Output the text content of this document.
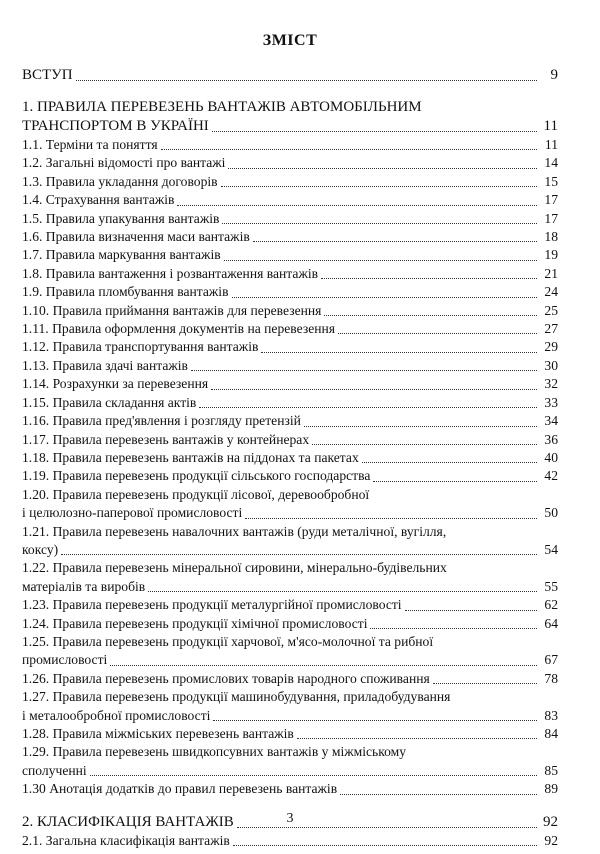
ЗМІСТ
ВСТУП	9
1. ПРАВИЛА ПЕРЕВЕЗЕНЬ ВАНТАЖІВ АВТОМОБІЛЬНИМ
ТРАНСПОРТОМ В УКРАЇНІ	11
1.1. Терміни та поняття	11
1.2. Загальні відомості про вантажі	14
1.3. Правила укладання договорів	15
1.4. Страхування вантажів	17
1.5. Правила упакування вантажів	17
1.6. Правила визначення маси вантажів	18
1.7. Правила маркування вантажів	19
1.8. Правила вантаження і розвантаження вантажів	21
1.9. Правила пломбування вантажів	24
1.10. Правила приймання вантажів для перевезення	25
1.11. Правила оформлення документів на перевезення	27
1.12. Правила транспортування вантажів	29
1.13. Правила здачі вантажів	30
1.14. Розрахунки за перевезення	32
1.15. Правила складання актів	33
1.16. Правила пред'явлення і розгляду претензій	34
1.17. Правила перевезень вантажів у контейнерах	36
1.18. Правила перевезень вантажів на піддонах та пакетах	40
1.19. Правила перевезень продукції сільського господарства	42
1.20. Правила перевезень продукції лісової, деревообробної
і целюлозно-паперової промисловості	50
1.21. Правила перевезень навалочних вантажів (руди металічної, вугілля,
коксу)	54
1.22. Правила перевезень мінеральної сировини, мінерально-будівельних
матеріалів та виробів	55
1.23. Правила перевезень продукції металургійної промисловості	62
1.24. Правила перевезень продукції хімічної промисловості	64
1.25. Правила перевезень продукції харчової, м'ясо-молочної та рибної
промисловості	67
1.26. Правила перевезень промислових товарів народного споживання	78
1.27. Правила перевезень продукції машинобудування, приладобудування
і металообробної промисловості	83
1.28. Правила міжміських перевезень вантажів	84
1.29. Правила перевезень швидкопсувних вантажів у міжміському
сполученні	85
1.30 Анотація додатків до правил перевезень вантажів	89
2. КЛАСИФІКАЦІЯ ВАНТАЖІВ	92
2.1. Загальна класифікація вантажів	92
3
